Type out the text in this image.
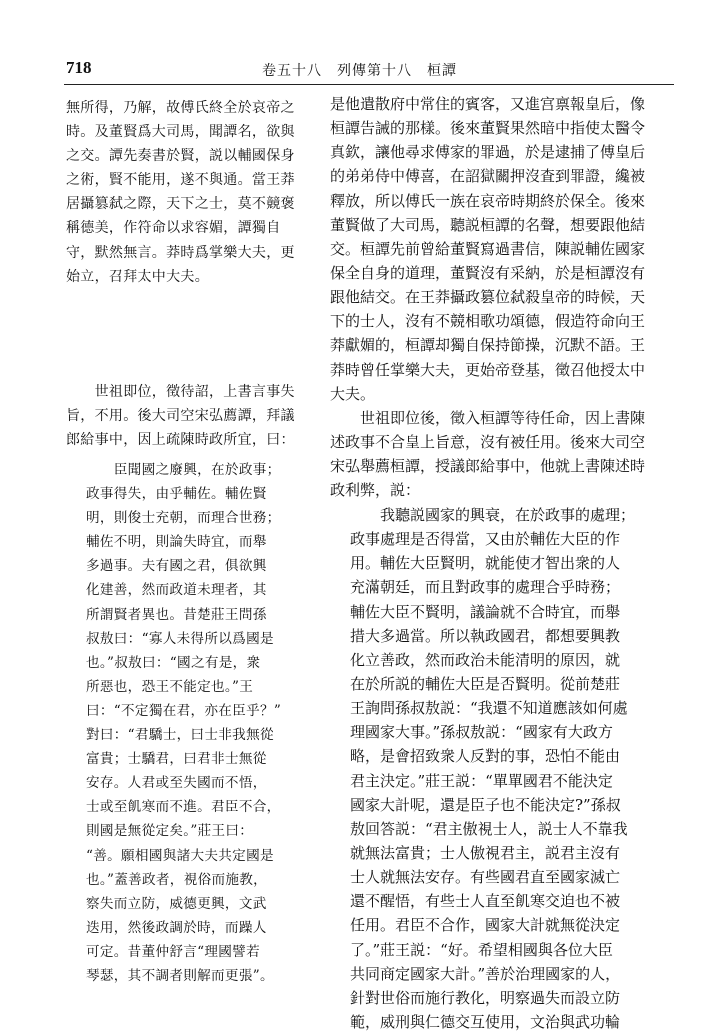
718	卷五十八　列傳第十八　桓譚

無所得，乃解，故傅氏終全於哀帝之

時。及董賢爲大司馬，聞譚名，欲與

之交。譚先奏書於賢，説以輔國保身

之術，賢不能用，遂不與通。當王莽

居攝篡弑之際，天下之士，莫不竸褒

稱德美，作符命以求容媚，譚獨自

守，默然無言。莽時爲掌樂大夫，更

始立，召拜太中大夫。

　　世祖即位，徵待詔，上書言事失

旨，不用。後大司空宋弘薦譚，拜議

郎給事中，因上疏陳時政所宜，曰：

　　臣聞國之廢興，在於政事；

政事得失，由乎輔佐。輔佐賢

明，則俊士充朝，而理合世務；

輔佐不明，則論失時宜，而舉

多過事。夫有國之君，俱欲興

化建善，然而政道未理者，其

所謂賢者異也。昔楚莊王問孫

叔敖曰：“寡人未得所以爲國是

也。”叔敖曰：“國之有是，衆

所惡也，恐王不能定也。”王

曰：“不定獨在君，亦在臣乎？”

對曰：“君驕士，曰士非我無從

富貴；士驕君，曰君非士無從

安存。人君或至失國而不悟，

士或至飢寒而不進。君臣不合，

則國是無從定矣。”莊王曰：

“善。願相國與諸大夫共定國是

也。”蓋善政者，視俗而施教，

察失而立防，威德更興，文武

迭用，然後政調於時，而躁人

可定。昔董仲舒言“理國譬若

琴瑟，其不調者則解而更張”。

是他遣散府中常住的賓客，又進宫禀報皇后，像

桓譚告誡的那樣。後來董賢果然暗中指使太醫令

真欽，讓他尋求傅家的罪過，於是逮捕了傅皇后

的弟弟侍中傅喜，在詔獄關押沒査到罪證，纔被

釋放，所以傅氏一族在哀帝時期終於保全。後來

董賢做了大司馬，聽説桓譚的名聲，想要跟他結

交。桓譚先前曾給董賢寫過書信，陳説輔佐國家

保全自身的道理，董賢沒有采納，於是桓譚沒有

跟他結交。在王莽攝政篡位弑殺皇帝的時候，天

下的士人，沒有不競相歌功頌德，假造符命向王

莽獻媚的，桓譚却獨自保持節操，沉默不語。王

莽時曾任掌樂大夫，更始帝登基，徵召他授太中

大夫。

　　世祖即位後，徵入桓譚等待任命，因上書陳

述政事不合皇上旨意，沒有被任用。後來大司空

宋弘舉薦桓譚，授議郎給事中，他就上書陳述時

政利弊，説：

　　我聽説國家的興衰，在於政事的處理；

政事處理是否得當，又由於輔佐大臣的作

用。輔佐大臣賢明，就能使才智出衆的人

充滿朝廷，而且對政事的處理合乎時務；

輔佐大臣不賢明，議論就不合時宜，而舉

措大多過當。所以執政國君，都想要興教

化立善政，然而政治未能清明的原因，就

在於所説的輔佐大臣是否賢明。從前楚莊

王詢問孫叔敖説：“我還不知道應該如何處

理國家大事。”孫叔敖説：“國家有大政方

略，是會招致衆人反對的事，恐怕不能由

君主決定。”莊王説：“單單國君不能決定

國家大計呢，還是臣子也不能決定?”孫叔

敖回答説：“君主傲視士人，説士人不靠我

就無法富貴；士人傲視君主，説君主沒有

士人就無法安存。有些國君直至國家滅亡

還不醒悟，有些士人直至飢寒交迫也不被

任用。君臣不合作，國家大計就無從決定

了。”莊王説：“好。希望相國與各位大臣

共同商定國家大計。”善於治理國家的人，

針對世俗而施行教化，明察過失而設立防

範，威刑與仁德交互使用，文治與武功輪
